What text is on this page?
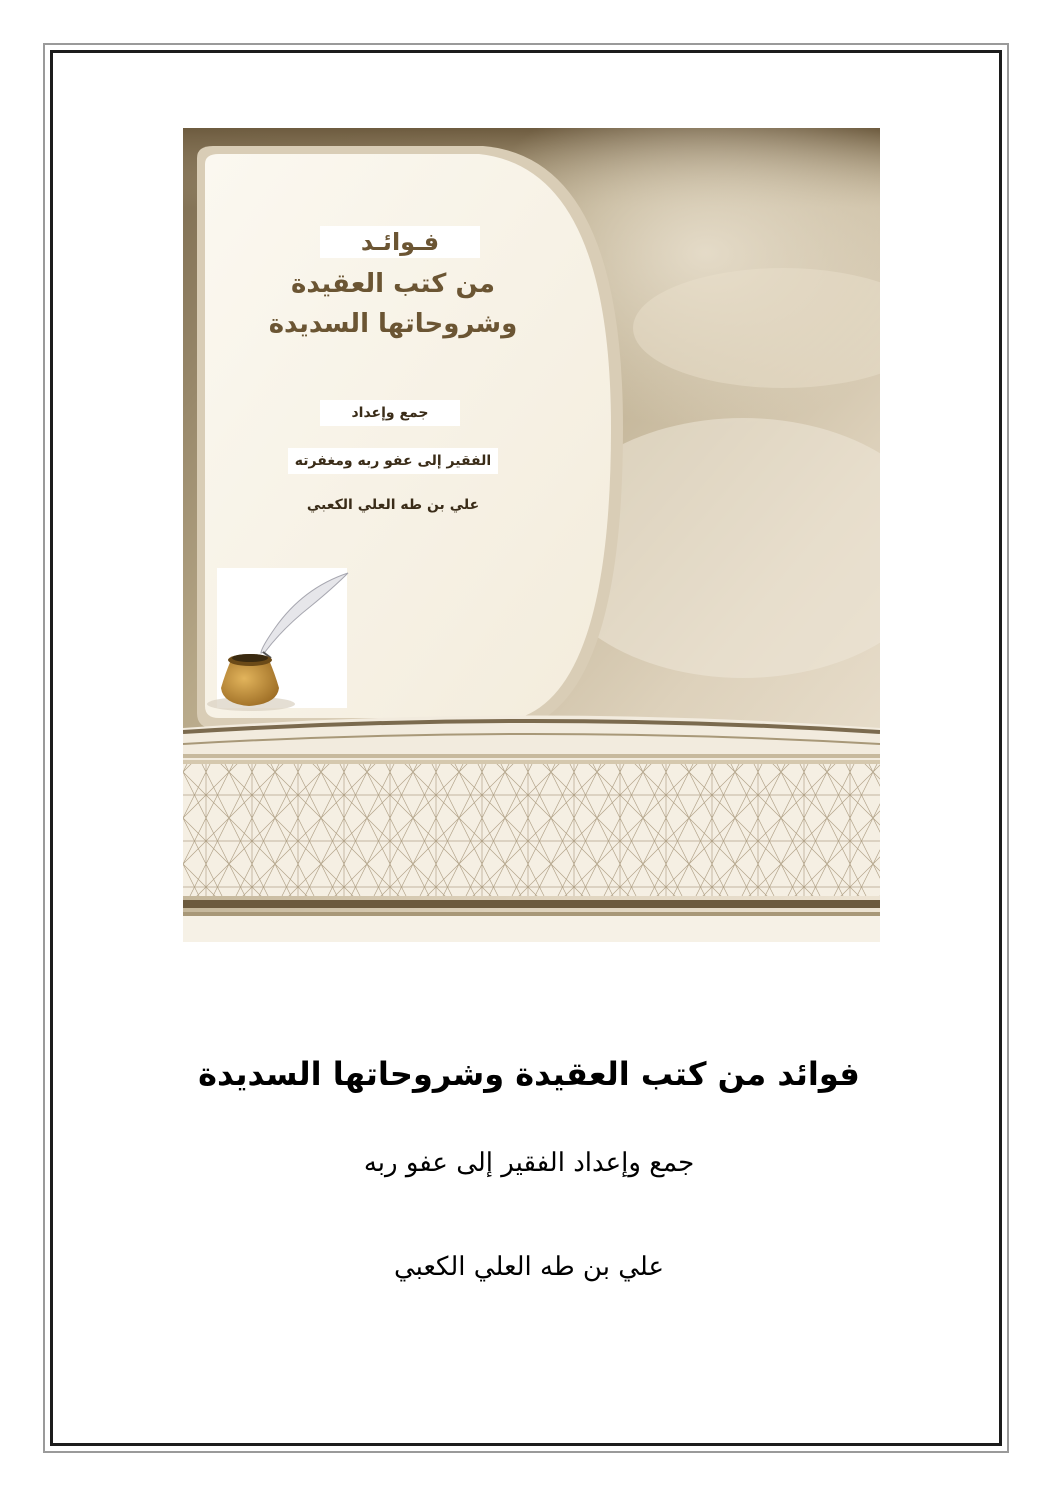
فـوائـد

من كتب العقيدة

وشروحاتها السديدة

جمع وإعداد

الفقير إلى عفو ربه ومغفرته

علي بن طه العلي الكعبي

فوائد من كتب العقيدة وشروحاتها السديدة

جمع وإعداد الفقير إلى عفو ربه

علي بن طه العلي الكعبي
